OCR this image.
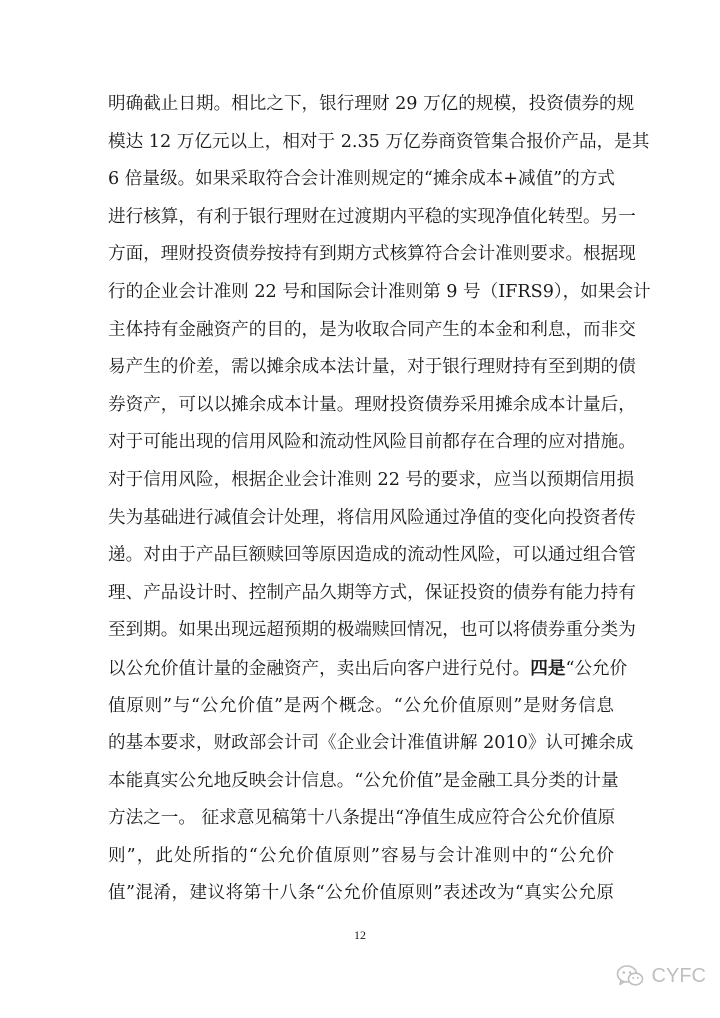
明确截止日期。相比之下，银行理财 29 万亿的规模，投资债券的规
模达 12 万亿元以上，相对于 2.35 万亿券商资管集合报价产品，是其
6 倍量级。如果采取符合会计准则规定的“摊余成本+减值”的方式
进行核算，有利于银行理财在过渡期内平稳的实现净值化转型。另一
方面，理财投资债券按持有到期方式核算符合会计准则要求。根据现
行的企业会计准则 22 号和国际会计准则第 9 号（IFRS9），如果会计
主体持有金融资产的目的，是为收取合同产生的本金和利息，而非交
易产生的价差，需以摊余成本法计量，对于银行理财持有至到期的债
券资产，可以以摊余成本计量。理财投资债券采用摊余成本计量后，
对于可能出现的信用风险和流动性风险目前都存在合理的应对措施。
对于信用风险，根据企业会计准则 22 号的要求，应当以预期信用损
失为基础进行减值会计处理，将信用风险通过净值的变化向投资者传
递。对由于产品巨额赎回等原因造成的流动性风险，可以通过组合管
理、产品设计时、控制产品久期等方式，保证投资的债券有能力持有
至到期。如果出现远超预期的极端赎回情况，也可以将债券重分类为
以公允价值计量的金融资产，卖出后向客户进行兑付。四是“公允价
值原则”与“公允价值”是两个概念。“公允价值原则”是财务信息
的基本要求，财政部会计司《企业会计准值讲解 2010》认可摊余成
本能真实公允地反映会计信息。“公允价值”是金融工具分类的计量
方法之一。 征求意见稿第十八条提出“净值生成应符合公允价值原
则”，此处所指的“公允价值原则”容易与会计准则中的“公允价
值”混淆，建议将第十八条“公允价值原则”表述改为“真实公允原
12
CYFC
